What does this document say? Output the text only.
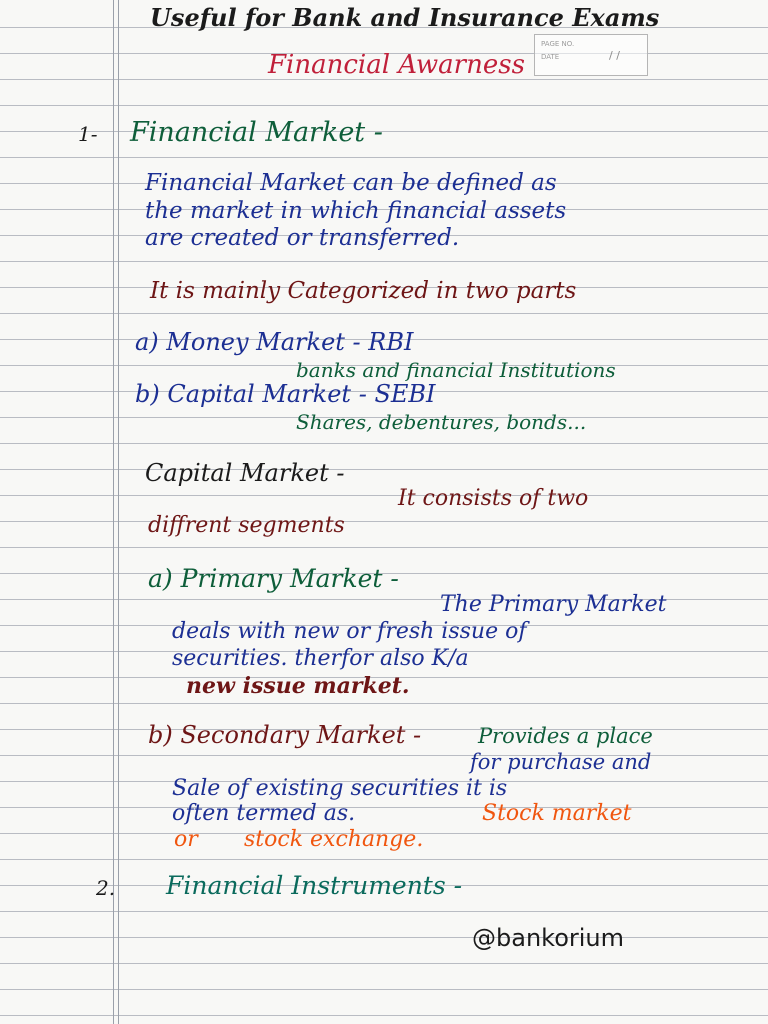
PAGE NO.
DATE	/ /
Useful for Bank and Insurance Exams
Financial Awarness
1- Financial Market -
Financial Market can be defined as
the market in which financial assets
are created or transferred.
It is mainly Categorized in two parts
a) Money Market - RBI
banks and financial Institutions
b) Capital Market - SEBI
Shares, debentures, bonds...
Capital Market -
It consists of two
diffrent segments
a) Primary Market -
The Primary Market
deals with new or fresh issue of
securities. therfor also K/a
new issue market.
b) Secondary Market -	Provides a place
for purchase and
Sale of existing securities it is
often termed as.	Stock market
or stock exchange.
2. Financial Instruments -
@bankorium
